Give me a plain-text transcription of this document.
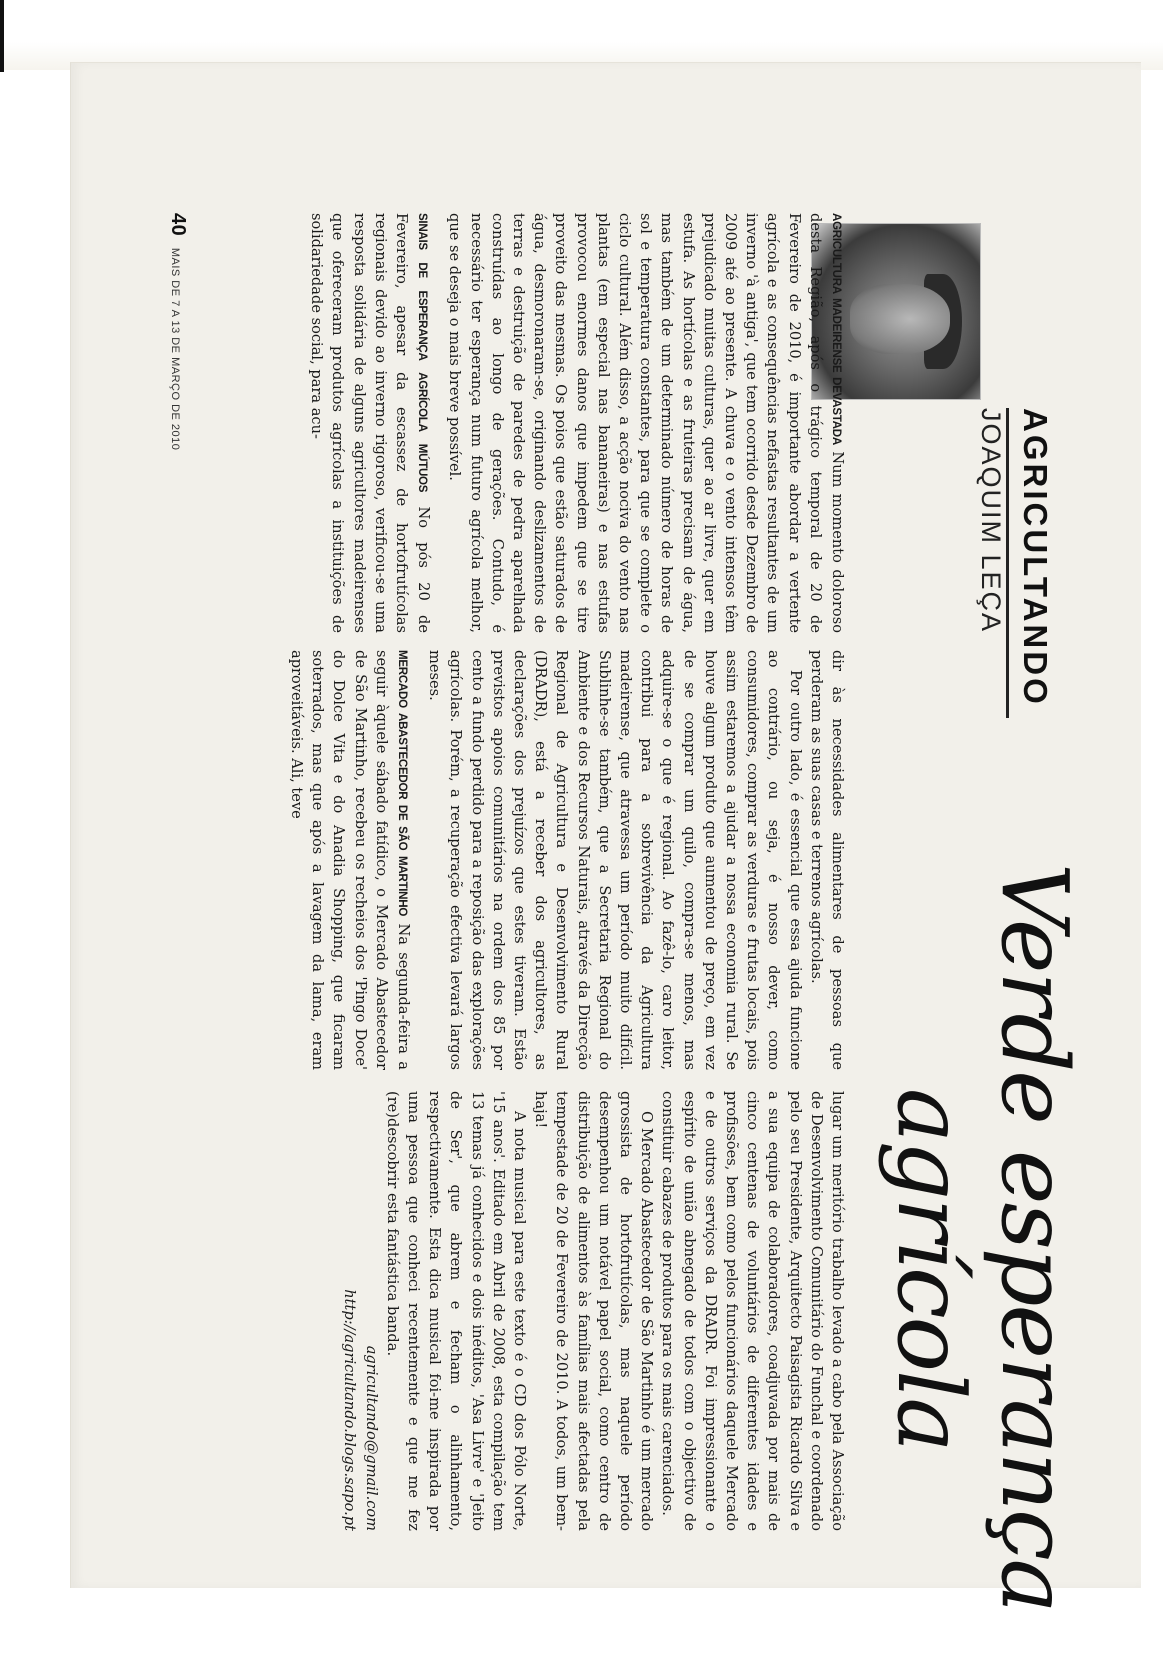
AGRICULTANDO
JOAQUIM LEÇA
Verde esperança
agrícola

AGRICULTURA MADEIRENSE DEVASTADA Num momento doloroso desta Região, após o trágico temporal de 20 de Fevereiro de 2010, é importante abordar a vertente agrícola e as consequências nefastas resultantes de um inverno 'à antiga', que tem ocorrido desde Dezembro de 2009 até ao presente. A chuva e o vento intensos têm prejudicado muitas culturas, quer ao ar livre, quer em estufa. As hortícolas e as fruteiras precisam de água, mas também de um determinado número de horas de sol e temperatura constantes, para que se complete o ciclo cultural. Além disso, a acção nociva do vento nas plantas (em especial nas bananeiras) e nas estufas provocou enormes danos que impedem que se tire proveito das mesmas. Os poios que estão saturados de água, desmoronaram-se, originando deslizamentos de terras e destruição de paredes de pedra aparelhada construídas ao longo de gerações. Contudo, é necessário ter esperança num futuro agrícola melhor, que se deseja o mais breve possível.

SINAIS DE ESPERANÇA AGRÍCOLA MÚTUOS No pós 20 de Fevereiro, apesar da escassez de hortofrutícolas regionais devido ao inverno rigoroso, verificou-se uma resposta solidária de alguns agricultores madeirenses que ofereceram produtos agrícolas a instituições de solidariedade social, para acu-

dir às necessidades alimentares de pessoas que perderam as suas casas e terrenos agrícolas.

Por outro lado, é essencial que essa ajuda funcione ao contrário, ou seja, é nosso dever, como consumidores, comprar as verduras e frutas locais, pois assim estaremos a ajudar a nossa economia rural. Se houve algum produto que aumentou de preço, em vez de se comprar um quilo, compra-se menos, mas adquire-se o que é regional. Ao fazê-lo, caro leitor, contribui para a sobrevivência da Agricultura madeirense, que atravessa um período muito difícil. Sublinhe-se também, que a Secretaria Regional do Ambiente e dos Recursos Naturais, através da Direcção Regional de Agricultura e Desenvolvimento Rural (DRADR), está a receber dos agricultores, as declarações dos prejuízos que estes tiveram. Estão previstos apoios comunitários na ordem dos 85 por cento a fundo perdido para a reposição das explorações agrícolas. Porém, a recuperação efectiva levará largos meses.

MERCADO ABASTECEDOR DE SÃO MARTINHO Na segunda-feira a seguir àquele sábado fatídico, o Mercado Abastecedor de São Martinho, recebeu os recheios dos 'Pingo Doce' do Dolce Vita e do Anadia Shopping, que ficaram soterrados, mas que após a lavagem da lama, eram aproveitáveis. Ali, teve

lugar um meritório trabalho levado a cabo pela Associação de Desenvolvimento Comunitário do Funchal e coordenado pelo seu Presidente, Arquitecto Paisagista Ricardo Silva e a sua equipa de colaboradores, coadjuvada por mais de cinco centenas de voluntários de diferentes idades e profissões, bem como pelos funcionários daquele Mercado e de outros serviços da DRADR. Foi impressionante o espírito de união abnegado de todos com o objectivo de constituir cabazes de produtos para os mais carenciados.

O Mercado Abastecedor de São Martinho é um mercado grossista de hortofrutícolas, mas naquele período desempenhou um notável papel social, como centro de distribuição de alimentos às famílias mais afectadas pela tempestade de 20 de Fevereiro de 2010. A todos, um bem-haja!

A nota musical para este texto é o CD dos Pólo Norte, '15 anos'. Editado em Abril de 2008, esta compilação tem 13 temas já conhecidos e dois inéditos, 'Asa Livre' e 'Jeito de Ser', que abrem e fecham o alinhamento, respectivamente. Esta dica musical foi-me inspirada por uma pessoa que conheci recentemente e que me fez (re)descobrir esta fantástica banda.

agricultando@gmail.com

http://agricultando.blogs.sapo.pt

40 MAIS DE 7 A 13 DE MARÇO DE 2010
